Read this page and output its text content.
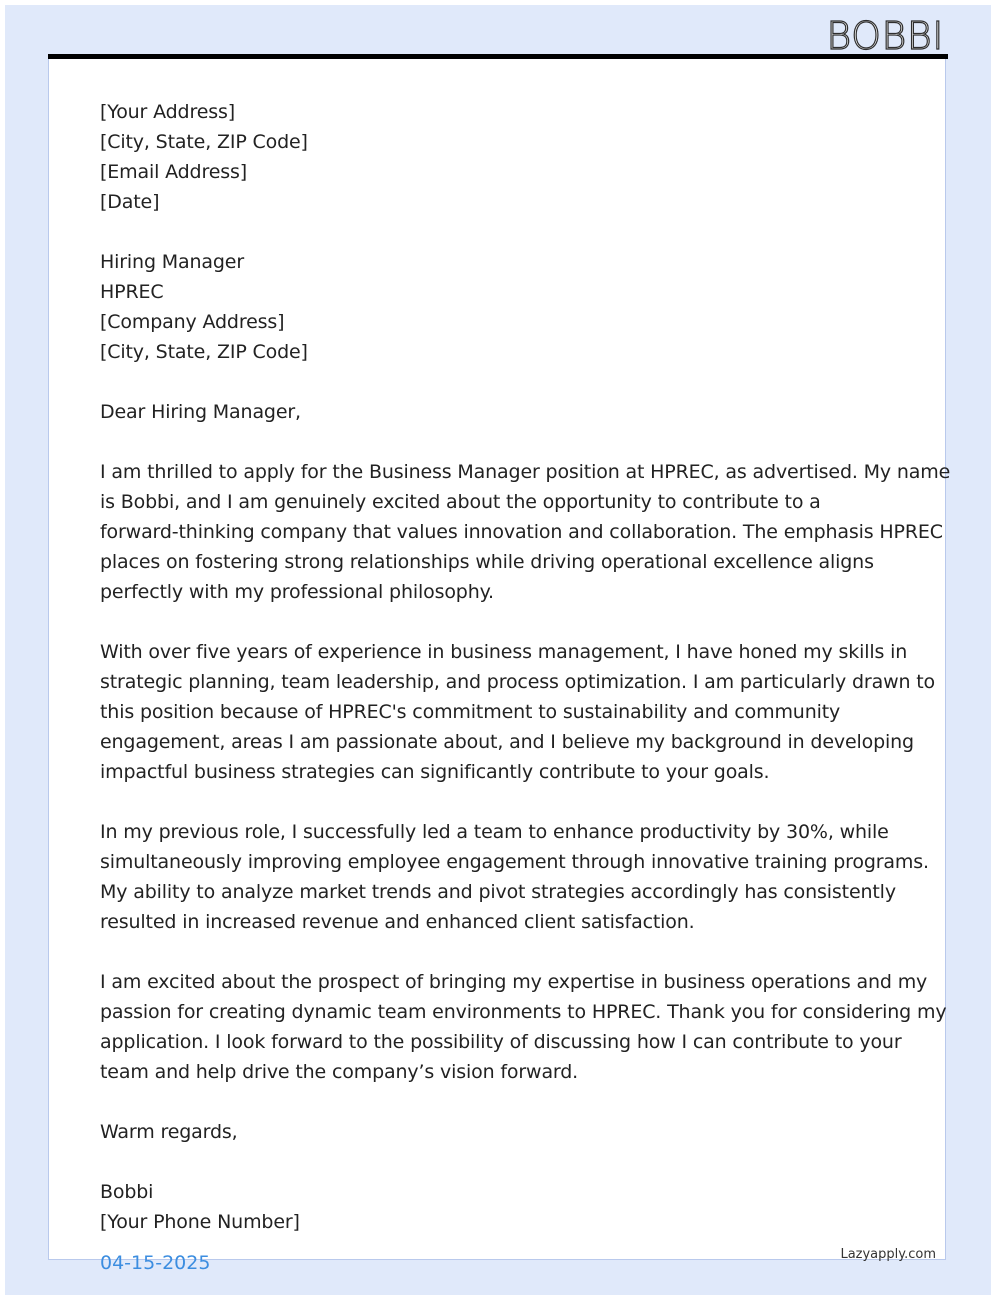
BOBBI
[Your Address]
[City, State, ZIP Code]
[Email Address]
[Date]
Hiring Manager
HPREC
[Company Address]
[City, State, ZIP Code]
Dear Hiring Manager,

I am thrilled to apply for the Business Manager position at HPREC, as advertised. My name
is Bobbi, and I am genuinely excited about the opportunity to contribute to a
forward-thinking company that values innovation and collaboration. The emphasis HPREC
places on fostering strong relationships while driving operational excellence aligns
perfectly with my professional philosophy.

With over five years of experience in business management, I have honed my skills in
strategic planning, team leadership, and process optimization. I am particularly drawn to
this position because of HPREC's commitment to sustainability and community
engagement, areas I am passionate about, and I believe my background in developing
impactful business strategies can significantly contribute to your goals.

In my previous role, I successfully led a team to enhance productivity by 30%, while
simultaneously improving employee engagement through innovative training programs.
My ability to analyze market trends and pivot strategies accordingly has consistently
resulted in increased revenue and enhanced client satisfaction.

I am excited about the prospect of bringing my expertise in business operations and my
passion for creating dynamic team environments to HPREC. Thank you for considering my
application. I look forward to the possibility of discussing how I can contribute to your
team and help drive the company’s vision forward.

Warm regards,
Bobbi
[Your Phone Number]
04-15-2025	Lazyapply.com
